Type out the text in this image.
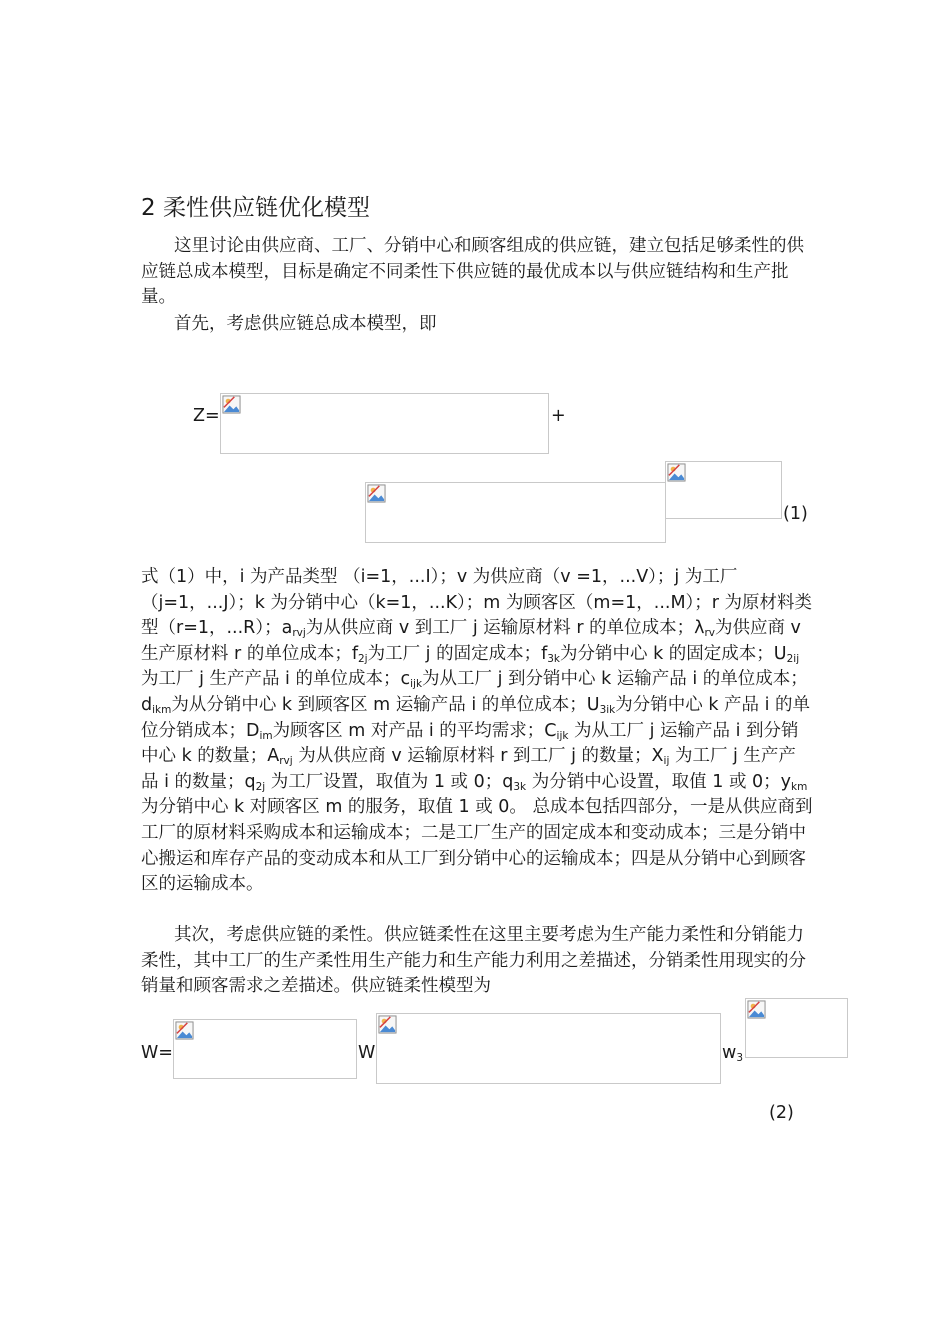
2 柔性供应链优化模型

这里讨论由供应商、工厂、分销中心和顾客组成的供应链，建立包括足够柔性的供应链总成本模型，目标是确定不同柔性下供应链的最优成本以与供应链结构和生产批量。

首先，考虑供应链总成本模型，即

Z=	+
(1)

式（1）中，i 为产品类型 （i=1，...I）；v 为供应商（v =1，...V）；j 为工厂（j=1，...J）；k 为分销中心（k=1，...K）；m 为顾客区（m=1，...M）；r 为原材料类型（r=1，...R）；$a_{rvj}$为从供应商 v 到工厂 j 运输原材料 r 的单位成本；$\lambda_{rv}$为供应商 v 生产原材料 r 的单位成本；$f_{2j}$为工厂 j 的固定成本；$f_{3k}$为分销中心 k 的固定成本；$U_{2ij}$为工厂 j 生产产品 i 的单位成本；$c_{ijk}$为从工厂 j 到分销中心 k 运输产品 i 的单位成本；$d_{ikm}$为从分销中心 k 到顾客区 m 运输产品 i 的单位成本；$U_{3ik}$为分销中心 k 产品 i 的单位分销成本；$D_{im}$为顾客区 m 对产品 i 的平均需求；$C_{ijk}$ 为从工厂 j 运输产品 i 到分销中心 k 的数量；$A_{rvj}$ 为从供应商 v 运输原材料 r 到工厂 j 的数量；$X_{ij}$ 为工厂 j 生产产品 i 的数量；$q_{2j}$ 为工厂设置，取值为 1 或 0；$q_{3k}$ 为分销中心设置，取值 1 或 0；$y_{km}$ 为分销中心 k 对顾客区 m 的服务，取值 1 或 0。 总成本包括四部分，一是从供应商到工厂的原材料采购成本和运输成本；二是工厂生产的固定成本和变动成本；三是分销中心搬运和库存产品的变动成本和从工厂到分销中心的运输成本；四是从分销中心到顾客区的运输成本。

其次，考虑供应链的柔性。供应链柔性在这里主要考虑为生产能力柔性和分销能力柔性，其中工厂的生产柔性用生产能力和生产能力利用之差描述，分销柔性用现实的分销量和顾客需求之差描述。供应链柔性模型为

W=	W	$w_3$
(2)
